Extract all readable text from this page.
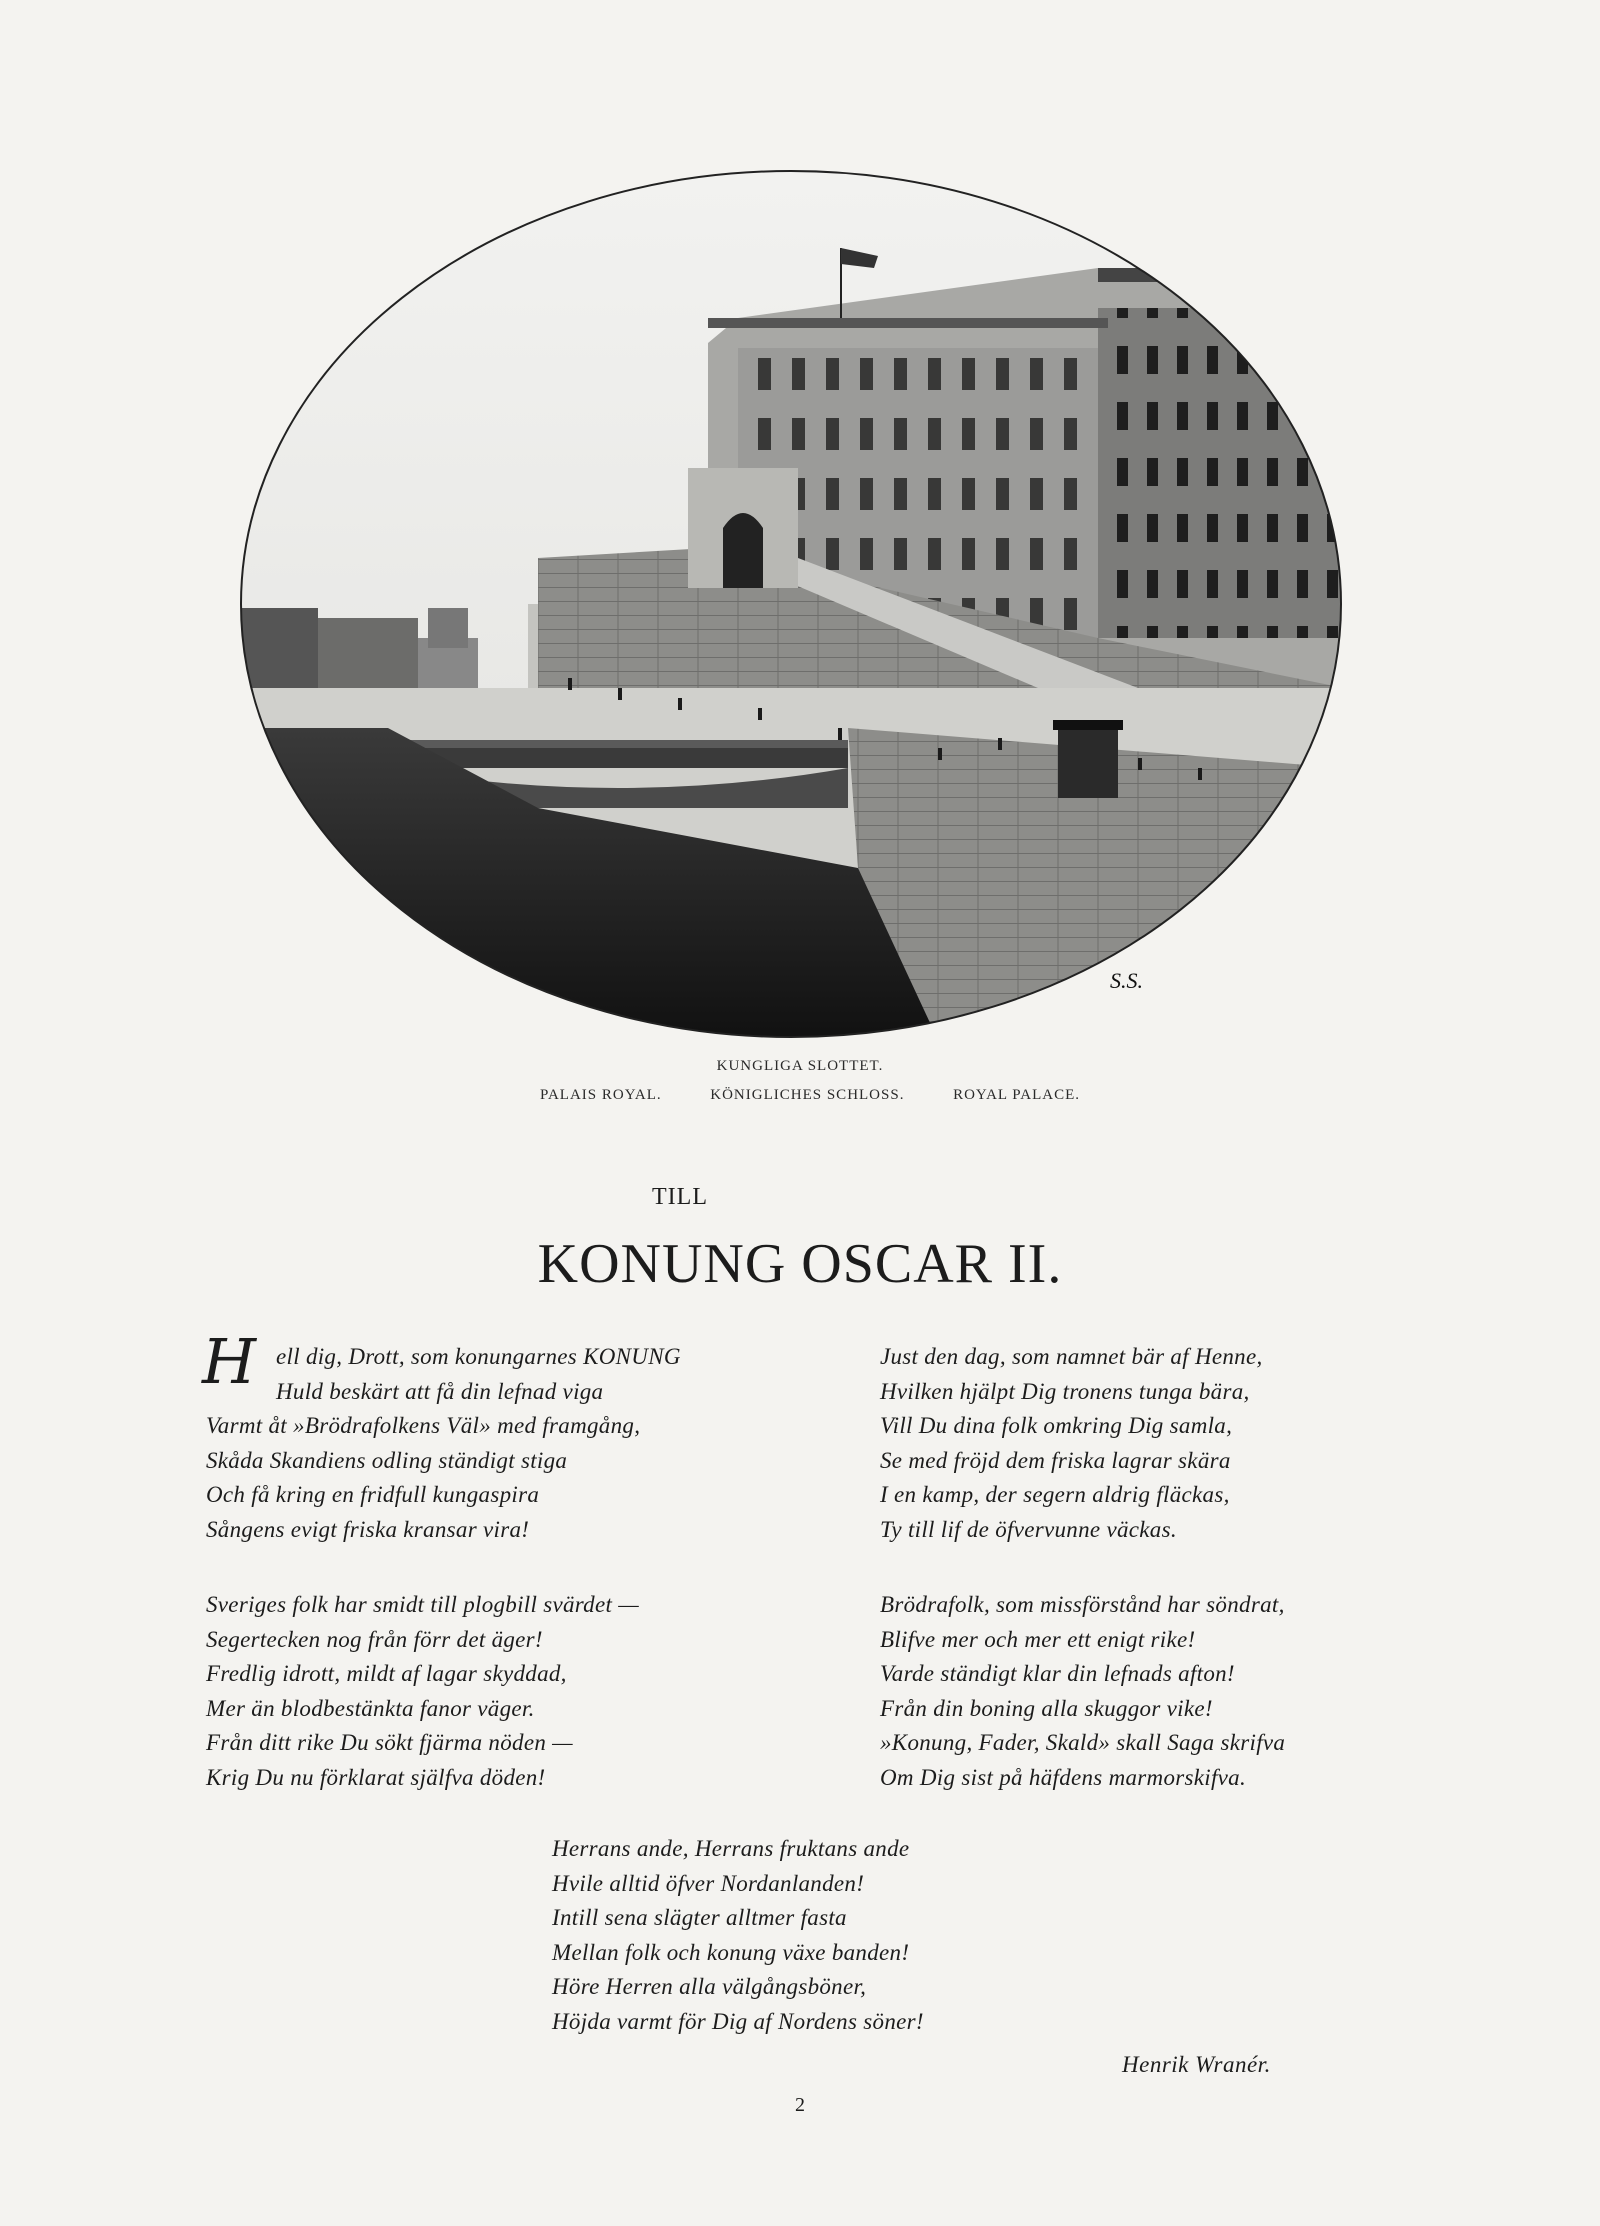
S.S.
KUNGLIGA SLOTTET.
PALAIS ROYAL.	KÖNIGLICHES SCHLOSS.	ROYAL PALACE.
TILL
KONUNG OSCAR II.
H ell dig, Drott, som konungarnes KONUNG
Huld beskärt att få din lefnad viga
Varmt åt »Brödrafolkens Väl» med framgång,
Skåda Skandiens odling ständigt stiga
Och få kring en fridfull kungaspira
Sångens evigt friska kransar vira!
Just den dag, som namnet bär af Henne,
Hvilken hjälpt Dig tronens tunga bära,
Vill Du dina folk omkring Dig samla,
Se med fröjd dem friska lagrar skära
I en kamp, der segern aldrig fläckas,
Ty till lif de öfvervunne väckas.
Sveriges folk har smidt till plogbill svärdet —
Segertecken nog från förr det äger!
Fredlig idrott, mildt af lagar skyddad,
Mer än blodbestänkta fanor väger.
Från ditt rike Du sökt fjärma nöden —
Krig Du nu förklarat själfva döden!
Brödrafolk, som missförstånd har söndrat,
Blifve mer och mer ett enigt rike!
Varde ständigt klar din lefnads afton!
Från din boning alla skuggor vike!
»Konung, Fader, Skald» skall Saga skrifva
Om Dig sist på häfdens marmorskifva.
Herrans ande, Herrans fruktans ande
Hvile alltid öfver Nordanlanden!
Intill sena slägter alltmer fasta
Mellan folk och konung växe banden!
Höre Herren alla välgångsböner,
Höjda varmt för Dig af Nordens söner!
Henrik Wranér.
2
